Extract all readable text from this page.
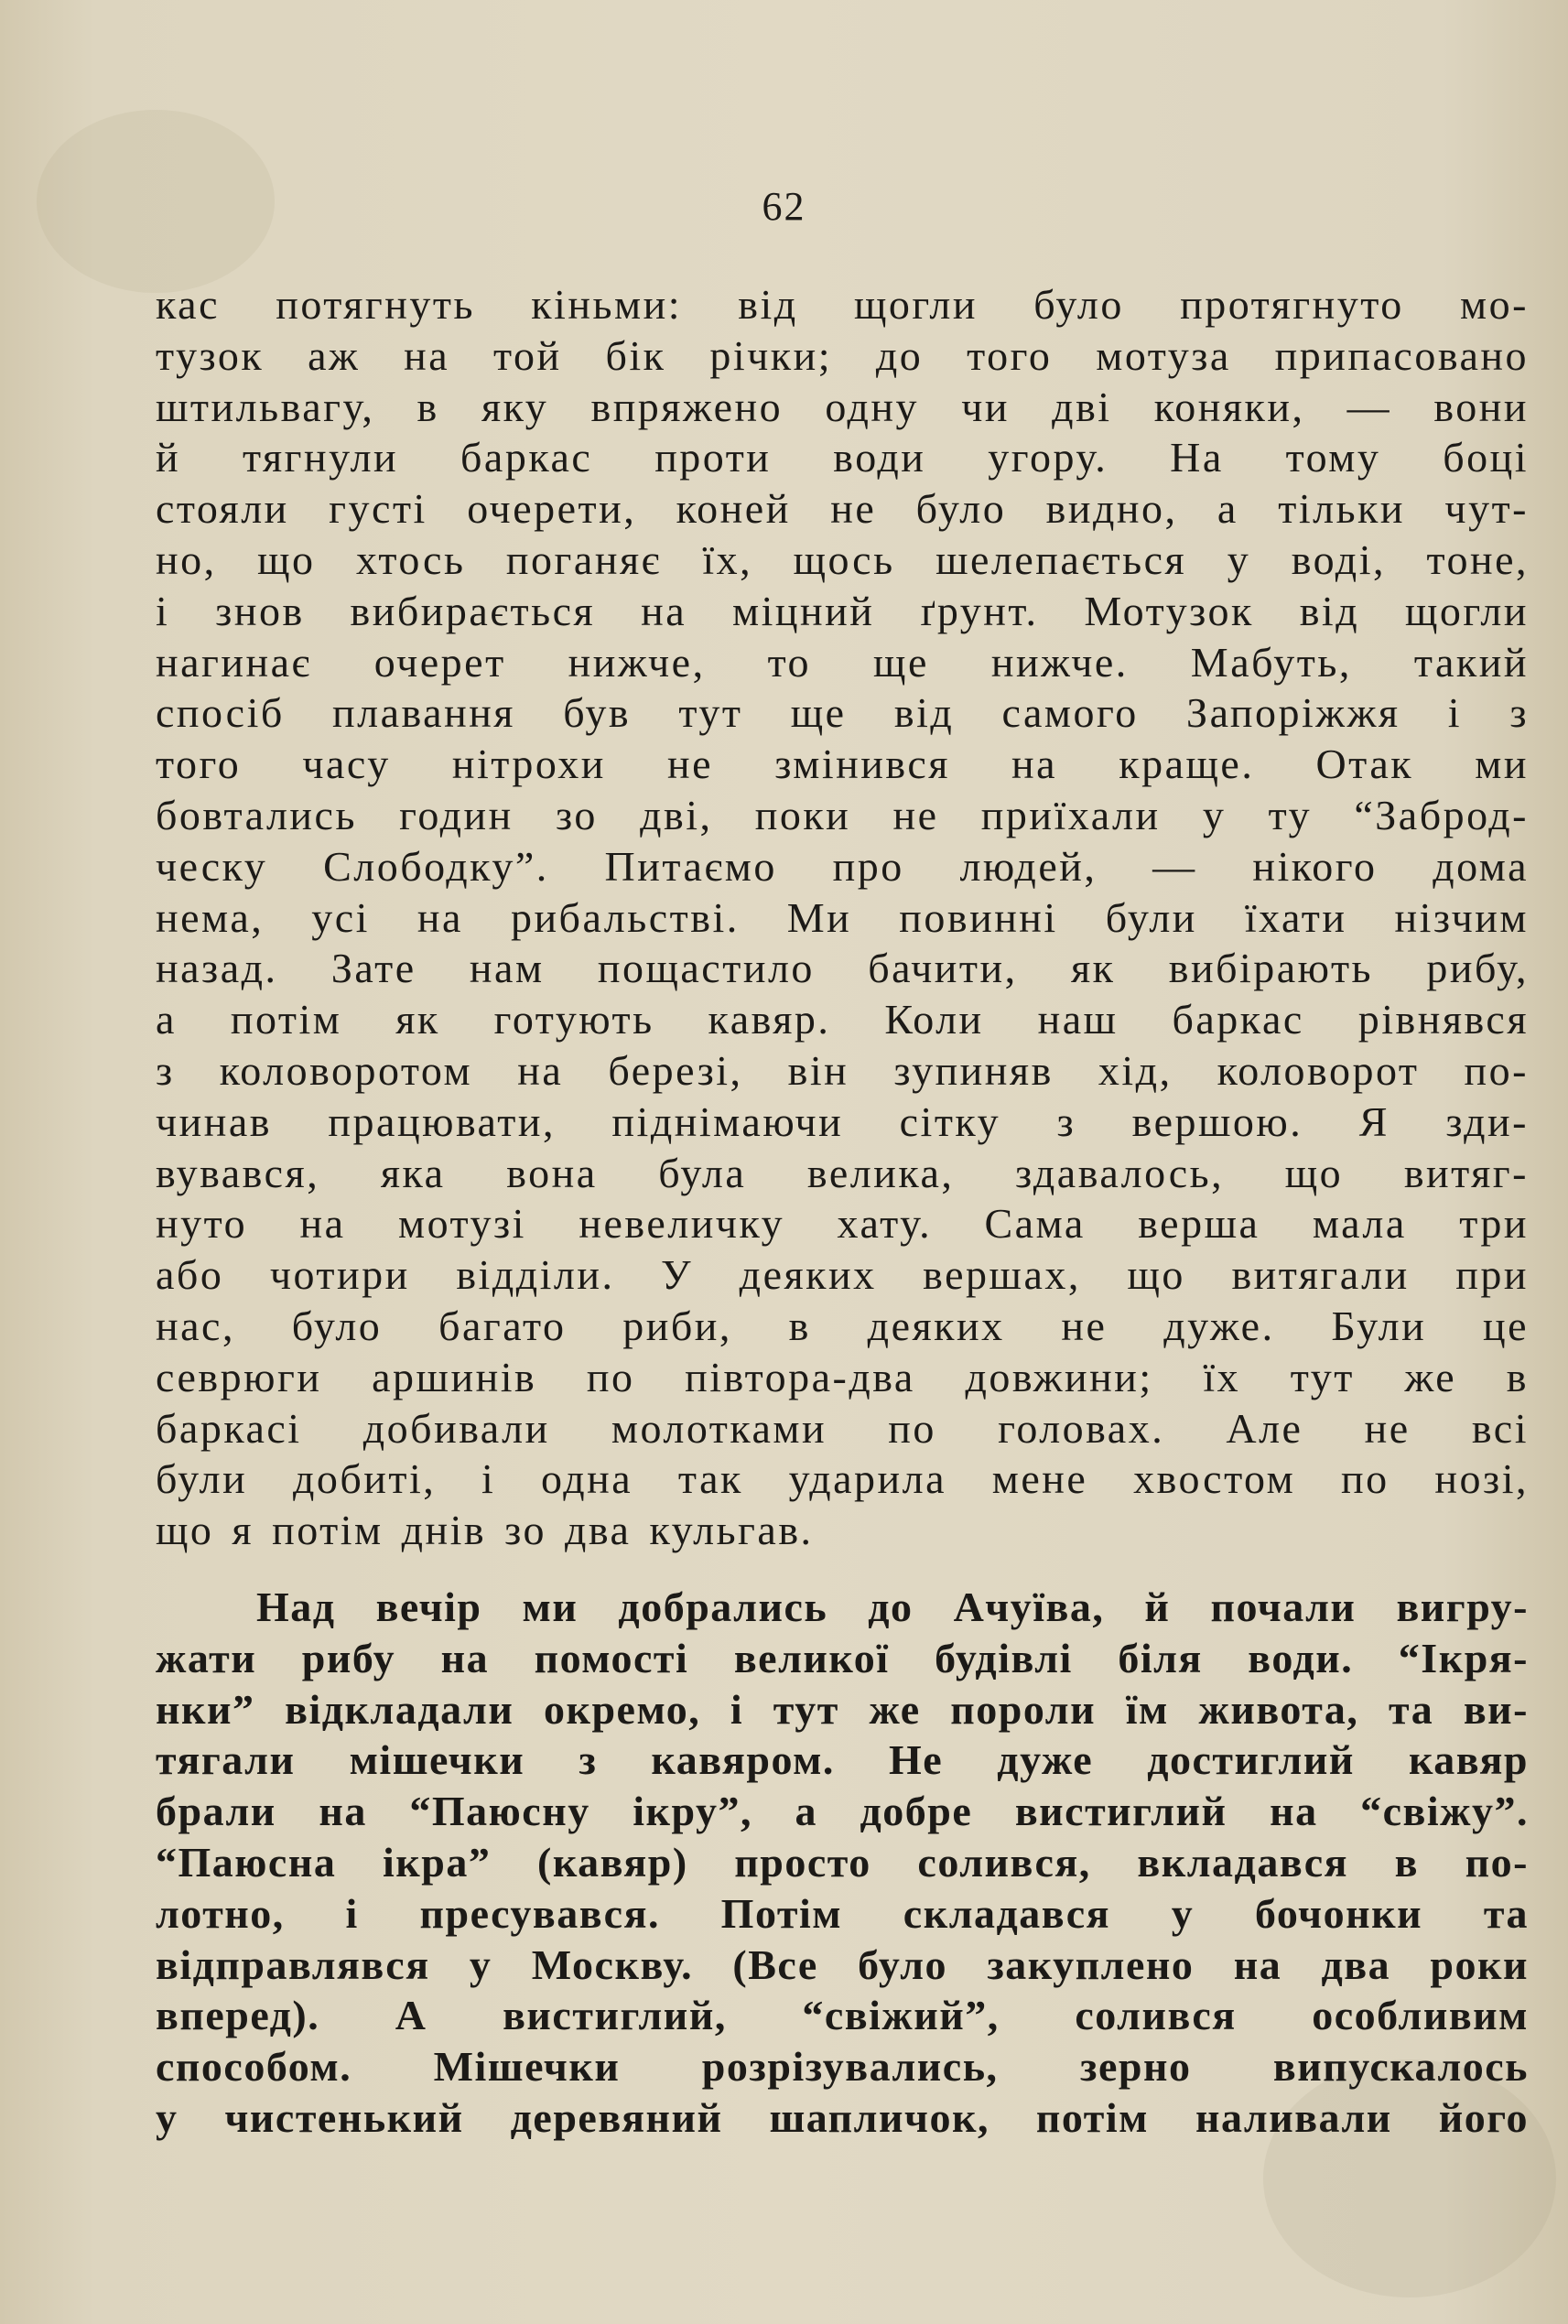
62
кас потягнуть кіньми: від щогли було протягнуто мо-
тузок аж на той бік річки; до того мотуза припасовано
штильвагу, в яку впряжено одну чи дві коняки, — вони
й тягнули баркас проти води угору. На тому боці
стояли густі очерети, коней не було видно, а тільки чут-
но, що хтось поганяє їх, щось шелепається у воді, тоне,
і знов вибирається на міцний ґрунт. Мотузок від щогли
нагинає очерет нижче, то ще нижче. Мабуть, такий
спосіб плавання був тут ще від самого Запоріжжя і з
того часу нітрохи не змінився на краще. Отак ми
бовтались годин зо дві, поки не приїхали у ту “Заброд-
ческу Слободку”. Питаємо про людей, — нікого дома
нема, усі на рибальстві. Ми повинні були їхати нізчим
назад. Зате нам пощастило бачити, як вибірають рибу,
а потім як готують кавяр. Коли наш баркас рівнявся
з коловоротом на березі, він зупиняв хід, коловорот по-
чинав працювати, піднімаючи сітку з вершою. Я зди-
вувався, яка вона була велика, здавалось, що витяг-
нуто на мотузі невеличку хату. Сама верша мала три
або чотири відділи. У деяких вершах, що витягали при
нас, було багато риби, в деяких не дуже. Були це
севрюги аршинів по півтора-два довжини; їх тут же в
баркасі добивали молотками по головах. Але не всі
були добиті, і одна так ударила мене хвостом по нозі,
що я потім днів зо два кульгав.
Над вечір ми добрались до Ачуїва, й почали вигру-
жати рибу на помості великої будівлі біля води. “Ікря-
нки” відкладали окремо, і тут же пороли їм живота, та ви-
тягали мішечки з кавяром. Не дуже достиглий кавяр
брали на “Паюсну ікру”, а добре вистиглий на “свіжу”.
“Паюсна ікра” (кавяр) просто солився, вкладався в по-
лотно, і пресувався. Потім складався у бочонки та
відправлявся у Москву. (Все було закуплено на два роки
вперед). А вистиглий, “свіжий”, солився особливим
способом. Мішечки розрізувались, зерно випускалось
у чистенький деревяний шапличок, потім наливали його
